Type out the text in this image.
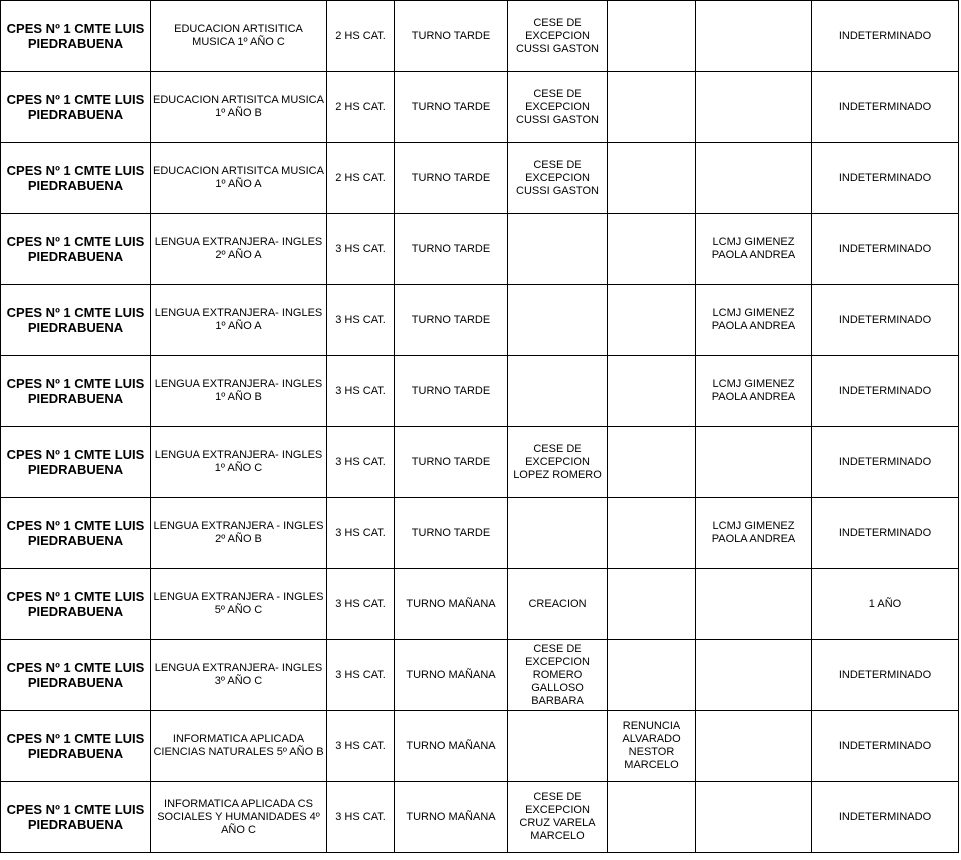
CPES Nº 1 CMTE LUIS PIEDRABUENA	EDUCACION ARTISITICA MUSICA 1º AÑO C	2 HS CAT.	TURNO TARDE	CESE DE EXCEPCION CUSSI GASTON			INDETERMINADO
CPES Nº 1 CMTE LUIS PIEDRABUENA	EDUCACION ARTISITCA MUSICA 1º AÑO B	2 HS CAT.	TURNO TARDE	CESE DE EXCEPCION CUSSI GASTON			INDETERMINADO
CPES Nº 1 CMTE LUIS PIEDRABUENA	EDUCACION ARTISITCA MUSICA 1º AÑO A	2 HS CAT.	TURNO TARDE	CESE DE EXCEPCION CUSSI GASTON			INDETERMINADO
CPES Nº 1 CMTE LUIS PIEDRABUENA	LENGUA EXTRANJERA- INGLES 2º AÑO A	3 HS CAT.	TURNO TARDE			LCMJ GIMENEZ PAOLA ANDREA	INDETERMINADO
CPES Nº 1 CMTE LUIS PIEDRABUENA	LENGUA EXTRANJERA- INGLES 1º AÑO A	3 HS CAT.	TURNO TARDE			LCMJ GIMENEZ PAOLA ANDREA	INDETERMINADO
CPES Nº 1 CMTE LUIS PIEDRABUENA	LENGUA EXTRANJERA- INGLES 1º AÑO B	3 HS CAT.	TURNO TARDE			LCMJ GIMENEZ PAOLA ANDREA	INDETERMINADO
CPES Nº 1 CMTE LUIS PIEDRABUENA	LENGUA EXTRANJERA- INGLES 1º AÑO C	3 HS CAT.	TURNO TARDE	CESE DE EXCEPCION LOPEZ ROMERO			INDETERMINADO
CPES Nº 1 CMTE LUIS PIEDRABUENA	LENGUA EXTRANJERA - INGLES 2º AÑO B	3 HS CAT.	TURNO TARDE			LCMJ GIMENEZ PAOLA ANDREA	INDETERMINADO
CPES Nº 1 CMTE LUIS PIEDRABUENA	LENGUA EXTRANJERA - INGLES 5º AÑO C	3 HS CAT.	TURNO MAÑANA	CREACION			1 AÑO
CPES Nº 1 CMTE LUIS PIEDRABUENA	LENGUA EXTRANJERA- INGLES 3º AÑO C	3 HS CAT.	TURNO MAÑANA	CESE DE EXCEPCION ROMERO GALLOSO BARBARA			INDETERMINADO
CPES Nº 1 CMTE LUIS PIEDRABUENA	INFORMATICA APLICADA CIENCIAS NATURALES 5º AÑO B	3 HS CAT.	TURNO MAÑANA		RENUNCIA ALVARADO NESTOR MARCELO		INDETERMINADO
CPES Nº 1 CMTE LUIS PIEDRABUENA	INFORMATICA APLICADA CS SOCIALES Y HUMANIDADES 4º AÑO C	3 HS CAT.	TURNO MAÑANA	CESE DE EXCEPCION CRUZ VARELA MARCELO			INDETERMINADO
